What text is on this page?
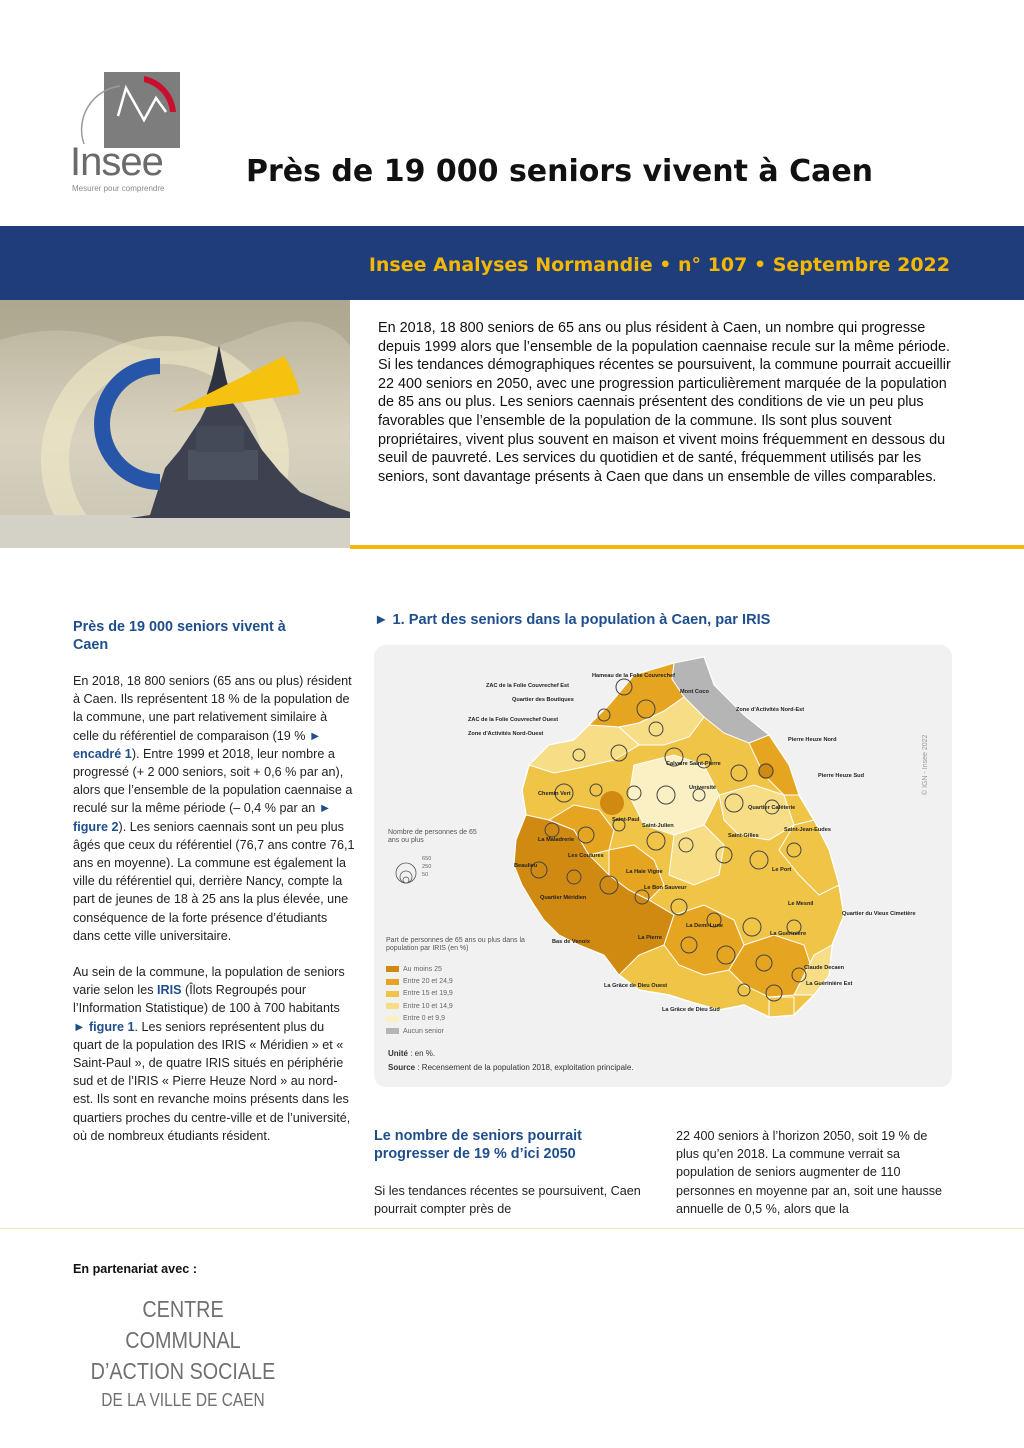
Insee
Mesurer pour comprendre	Près de 19 000 seniors vivent à Caen
Insee Analyses Normandie • n° 107 • Septembre 2022

En 2018, 18 800 seniors de 65 ans ou plus résident à Caen, un nombre qui progresse depuis 1999 alors que l’ensemble de la population caennaise recule sur la même période. Si les tendances démographiques récentes se poursuivent, la commune pourrait accueillir 22 400 seniors en 2050, avec une progression particulièrement marquée de la population de 85 ans ou plus. Les seniors caennais présentent des conditions de vie un peu plus favorables que l’ensemble de la population de la commune. Ils sont plus souvent propriétaires, vivent plus souvent en maison et vivent moins fréquemment en dessous du seuil de pauvreté. Les services du quotidien et de santé, fréquemment utilisés par les seniors, sont davantage présents à Caen que dans un ensemble de villes comparables.

Près de 19 000 seniors vivent à Caen

En 2018, 18 800 seniors (65 ans ou plus) résident à Caen. Ils représentent 18 % de la population de la commune, une part relativement similaire à celle du référentiel de comparaison (19 % ► encadré 1). Entre 1999 et 2018, leur nombre a progressé (+ 2 000 seniors, soit + 0,6 % par an), alors que l’ensemble de la population caennaise a reculé sur la même période (– 0,4 % par an ► figure 2). Les seniors caennais sont un peu plus âgés que ceux du référentiel (76,7 ans contre 76,1 ans en moyenne). La commune est également la ville du référentiel qui, derrière Nancy, compte la part de jeunes de 18 à 25 ans la plus élevée, une conséquence de la forte présence d’étudiants dans cette ville universitaire.

Au sein de la commune, la population de seniors varie selon les IRIS (Îlots Regroupés pour l’Information Statistique) de 100 à 700 habitants ► figure 1. Les seniors représentent plus du quart de la population des IRIS « Méridien » et « Saint-Paul », de quatre IRIS situés en périphérie sud et de l’IRIS « Pierre Heuze Nord » au nord-est. Ils sont en revanche moins présents dans les quartiers proches du centre-ville et de l’université, où de nombreux étudiants résident.

► 1. Part des seniors dans la population à Caen, par IRIS
Hameau de la Folie Couvrechef
ZAC de la Folie Couvrechef Est
Quartier des Boutiques
Mont Coco
Zone d'Activités Nord-Est
ZAC de la Folie Couvrechef Ouest
Zone d'Activités Nord-Ouest
Pierre Heuze Nord
Calvaire Saint-Pierre
Pierre Heuze Sud
Chemin Vert
Université
Quartier Caféterie
Saint-Julien
Saint-Gilles
Saint-Jean-Eudes
La Maladrerie
Saint-Paul
Les Coutures
Beaulieu
La Haie Vigne	Le Port
Le Bon Sauveur
Quartier Méridien
La Demi-Lune
Le Mesnil
La Pierre
Bas de Venoix
La Guérinière
La Grâce de Dieu Ouest
La Grâce de Dieu Sud
Claude Decaen
Quartier du Vieux Cimetière
La Guérinière Est
Nombre de personnes de 65 ans ou plus
650
250
50
Part de personnes de 65 ans ou plus dans la population par IRIS (en %)
Au moins 25
Entre 20 et 24,9
Entre 15 et 19,9
Entre 10 et 14,9
Entre 0 et 9,9
Aucun senior
Unité : en %.
Source : Recensement de la population 2018, exploitation principale.
© IGN - Insee 2022
Le nombre de seniors pourrait progresser de 19 % d’ici 2050

Si les tendances récentes se poursuivent, Caen pourrait compter près de

22 400 seniors à l’horizon 2050, soit 19 % de plus qu’en 2018. La commune verrait sa population de seniors augmenter de 110 personnes en moyenne par an, soit une hausse annuelle de 0,5 %, alors que la

En partenariat avec :
CENTRE COMMUNAL
D’ACTION SOCIALE
DE LA VILLE DE CAEN
